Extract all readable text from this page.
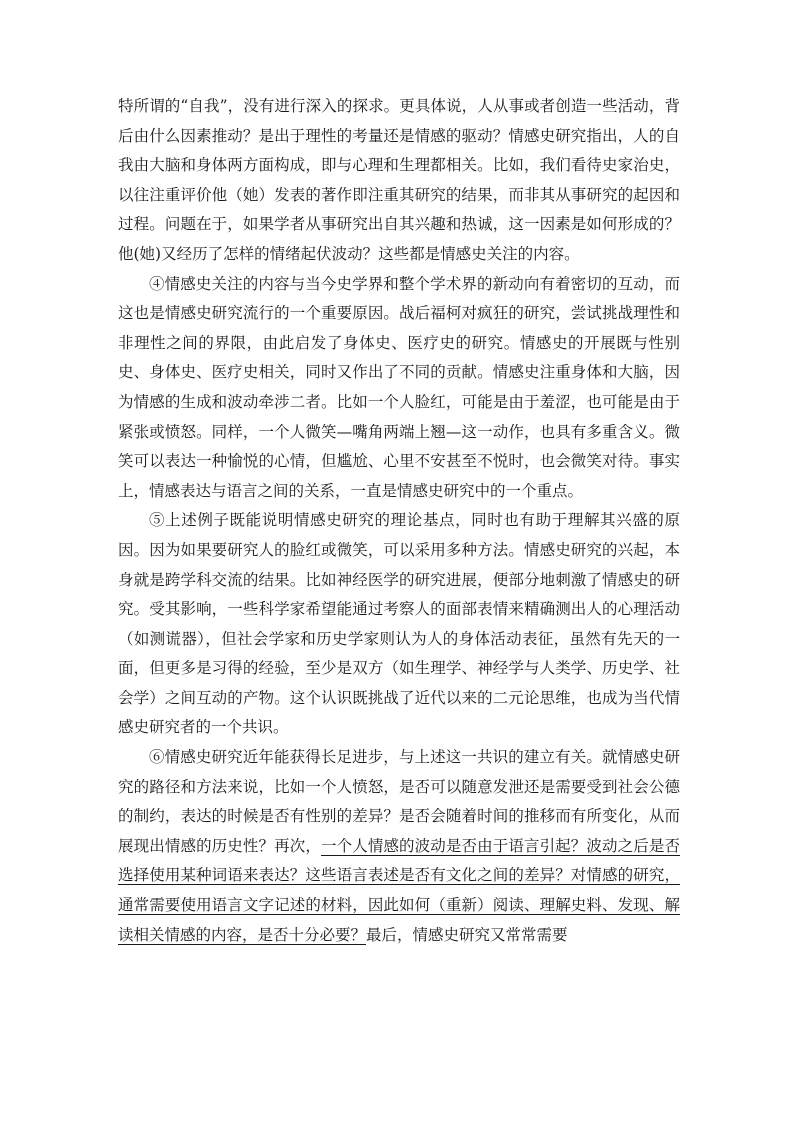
特所谓的“自我”，没有进行深入的探求。更具体说，人从事或者创造一些活动，背后由什么因素推动？是出于理性的考量还是情感的驱动？情感史研究指出，人的自我由大脑和身体两方面构成，即与心理和生理都相关。比如，我们看待史家治史，以往注重评价他（她）发表的著作即注重其研究的结果，而非其从事研究的起因和过程。问题在于，如果学者从事研究出自其兴趣和热诚，这一因素是如何形成的？他(她)又经历了怎样的情绪起伏波动？这些都是情感史关注的内容。

④情感史关注的内容与当今史学界和整个学术界的新动向有着密切的互动，而这也是情感史研究流行的一个重要原因。战后福柯对疯狂的研究，尝试挑战理性和非理性之间的界限，由此启发了身体史、医疗史的研究。情感史的开展既与性别史、身体史、医疗史相关，同时又作出了不同的贡献。情感史注重身体和大脑，因为情感的生成和波动牵涉二者。比如一个人脸红，可能是由于羞涩，也可能是由于紧张或愤怒。同样，一个人微笑—嘴角两端上翘—这一动作，也具有多重含义。微笑可以表达一种愉悦的心情，但尴尬、心里不安甚至不悦时，也会微笑对待。事实上，情感表达与语言之间的关系，一直是情感史研究中的一个重点。

⑤上述例子既能说明情感史研究的理论基点，同时也有助于理解其兴盛的原因。因为如果要研究人的脸红或微笑，可以采用多种方法。情感史研究的兴起，本身就是跨学科交流的结果。比如神经医学的研究进展，便部分地刺激了情感史的研究。受其影响，一些科学家希望能通过考察人的面部表情来精确测出人的心理活动（如测谎器），但社会学家和历史学家则认为人的身体活动表征，虽然有先天的一面，但更多是习得的经验，至少是双方（如生理学、神经学与人类学、历史学、社会学）之间互动的产物。这个认识既挑战了近代以来的二元论思维，也成为当代情感史研究者的一个共识。

⑥情感史研究近年能获得长足进步，与上述这一共识的建立有关。就情感史研究的路径和方法来说，比如一个人愤怒，是否可以随意发泄还是需要受到社会公德的制约，表达的时候是否有性别的差异？是否会随着时间的推移而有所变化，从而展现出情感的历史性？再次，一个人情感的波动是否由于语言引起？波动之后是否选择使用某种词语来表达？这些语言表述是否有文化之间的差异？对情感的研究，通常需要使用语言文字记述的材料，因此如何（重新）阅读、理解史料、发现、解读相关情感的内容，是否十分必要？最后，情感史研究又常常需要
